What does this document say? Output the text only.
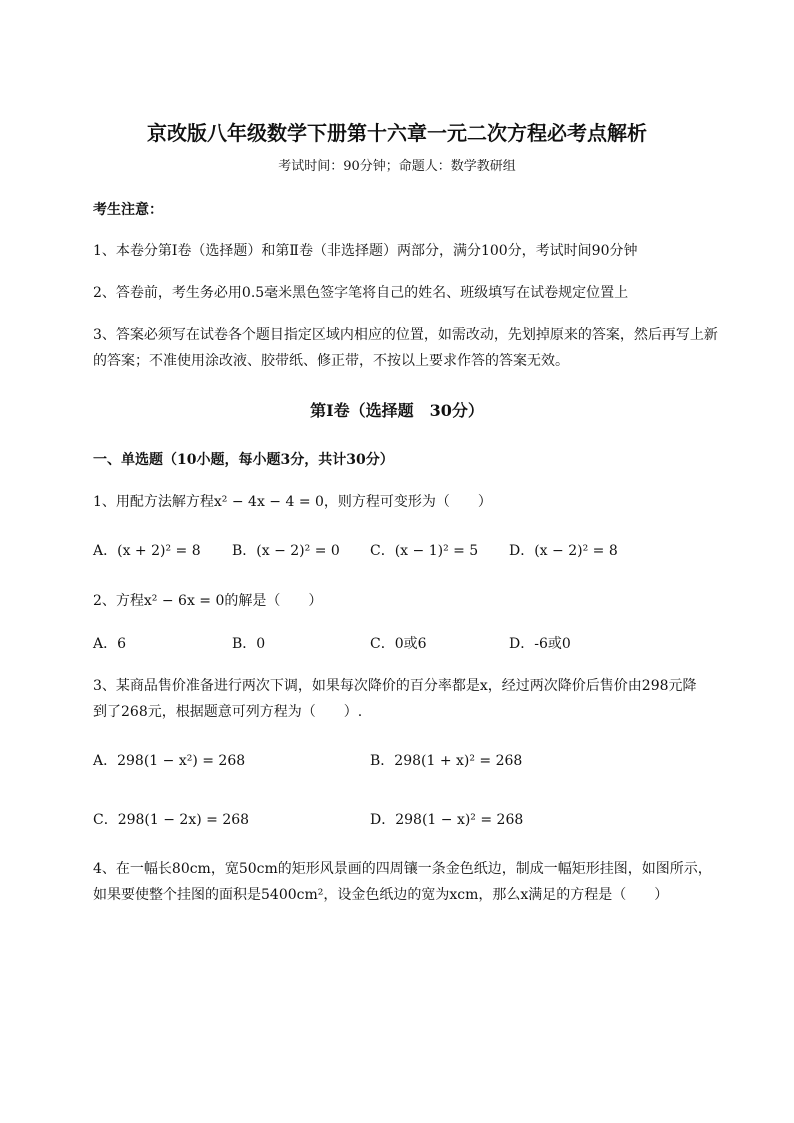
京改版八年级数学下册第十六章一元二次方程必考点解析
考试时间：90分钟；命题人：数学教研组
考生注意：
1、本卷分第I卷（选择题）和第Ⅱ卷（非选择题）两部分，满分100分，考试时间90分钟
2、答卷前，考生务必用0.5毫米黑色签字笔将自己的姓名、班级填写在试卷规定位置上
3、答案必须写在试卷各个题目指定区域内相应的位置，如需改动，先划掉原来的答案，然后再写上新
的答案；不准使用涂改液、胶带纸、修正带，不按以上要求作答的答案无效。
第I卷（选择题　30分）
一、单选题（10小题，每小题3分，共计30分）
1、用配方法解方程x² − 4x − 4 = 0，则方程可变形为（　　）
A．(x + 2)² = 8 B．(x − 2)² = 0 C．(x − 1)² = 5 D．(x − 2)² = 8
2、方程x² − 6x = 0的解是（　　）
A．6	B．0	C．0或6	D．-6或0
3、某商品售价准备进行两次下调，如果每次降价的百分率都是x，经过两次降价后售价由298元降
到了268元，根据题意可列方程为（　　）.
A．298(1 − x²) = 268	B．298(1 + x)² = 268
C．298(1 − 2x) = 268	D．298(1 − x)² = 268
4、在一幅长80cm，宽50cm的矩形风景画的四周镶一条金色纸边，制成一幅矩形挂图，如图所示，
如果要使整个挂图的面积是5400cm²，设金色纸边的宽为xcm，那么x满足的方程是（　　）
